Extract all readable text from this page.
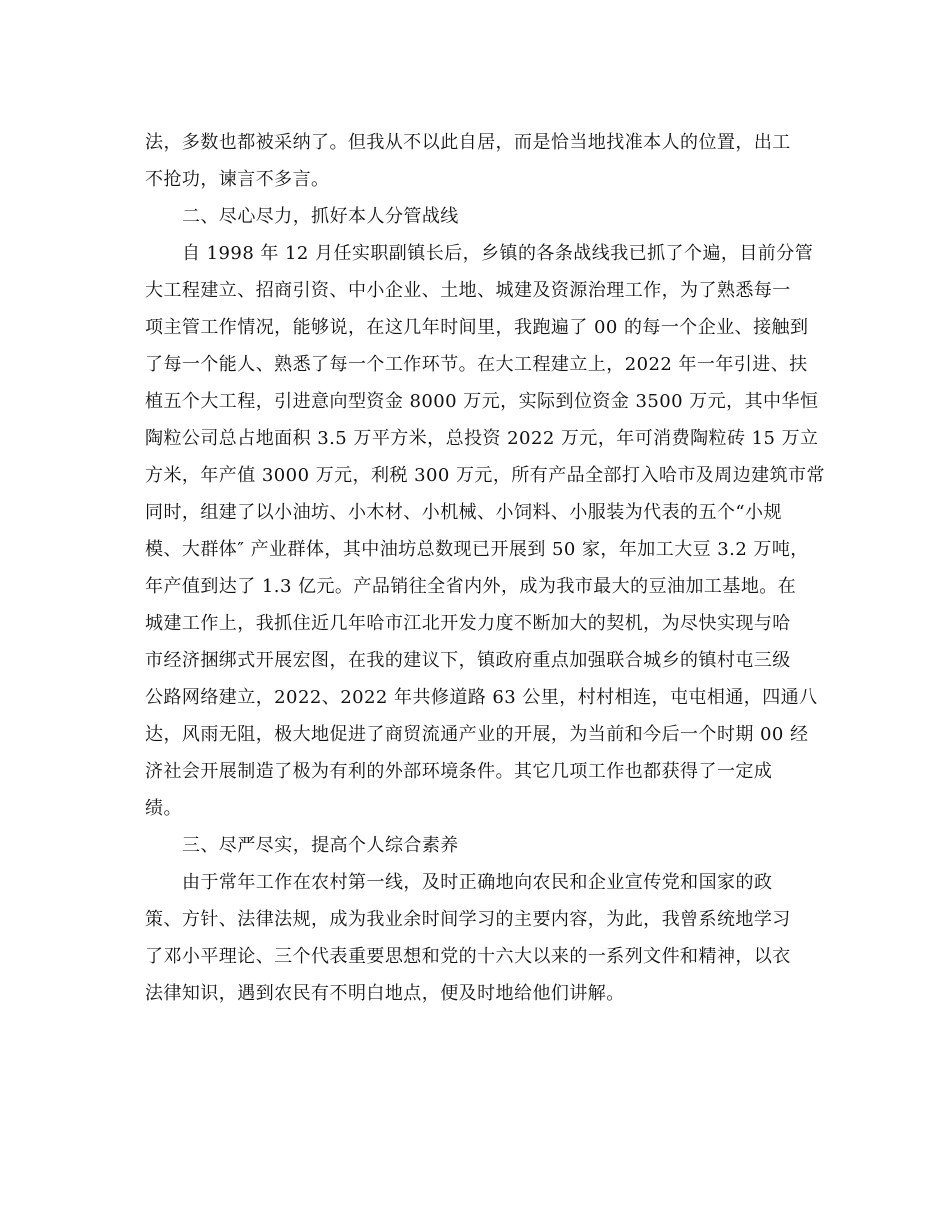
法，多数也都被采纳了。但我从不以此自居，而是恰当地找准本人的位置，出工
不抢功，谏言不多言。
二、尽心尽力，抓好本人分管战线
自 1998 年 12 月任实职副镇长后，乡镇的各条战线我已抓了个遍，目前分管
大工程建立、招商引资、中小企业、土地、城建及资源治理工作，为了熟悉每一
项主管工作情况，能够说，在这几年时间里，我跑遍了 00 的每一个企业、接触到
了每一个能人、熟悉了每一个工作环节。在大工程建立上，2022 年一年引进、扶
植五个大工程，引进意向型资金 8000 万元，实际到位资金 3500 万元，其中华恒
陶粒公司总占地面积 3.5 万平方米，总投资 2022 万元，年可消费陶粒砖 15 万立
方米，年产值 3000 万元，利税 300 万元，所有产品全部打入哈市及周边建筑市常
同时，组建了以小油坊、小木材、小机械、小饲料、小服装为代表的五个“小规
模、大群体″ 产业群体，其中油坊总数现已开展到 50 家，年加工大豆 3.2 万吨，
年产值到达了 1.3 亿元。产品销往全省内外，成为我市最大的豆油加工基地。在
城建工作上，我抓住近几年哈市江北开发力度不断加大的契机，为尽快实现与哈
市经济捆绑式开展宏图，在我的建议下，镇政府重点加强联合城乡的镇村屯三级
公路网络建立，2022、2022 年共修道路 63 公里，村村相连，屯屯相通，四通八
达，风雨无阻，极大地促进了商贸流通产业的开展，为当前和今后一个时期 00 经
济社会开展制造了极为有利的外部环境条件。其它几项工作也都获得了一定成
绩。
三、尽严尽实，提高个人综合素养
由于常年工作在农村第一线，及时正确地向农民和企业宣传党和国家的政
策、方针、法律法规，成为我业余时间学习的主要内容，为此，我曾系统地学习
了邓小平理论、三个代表重要思想和党的十六大以来的一系列文件和精神，以衣
法律知识，遇到农民有不明白地点，便及时地给他们讲解。
